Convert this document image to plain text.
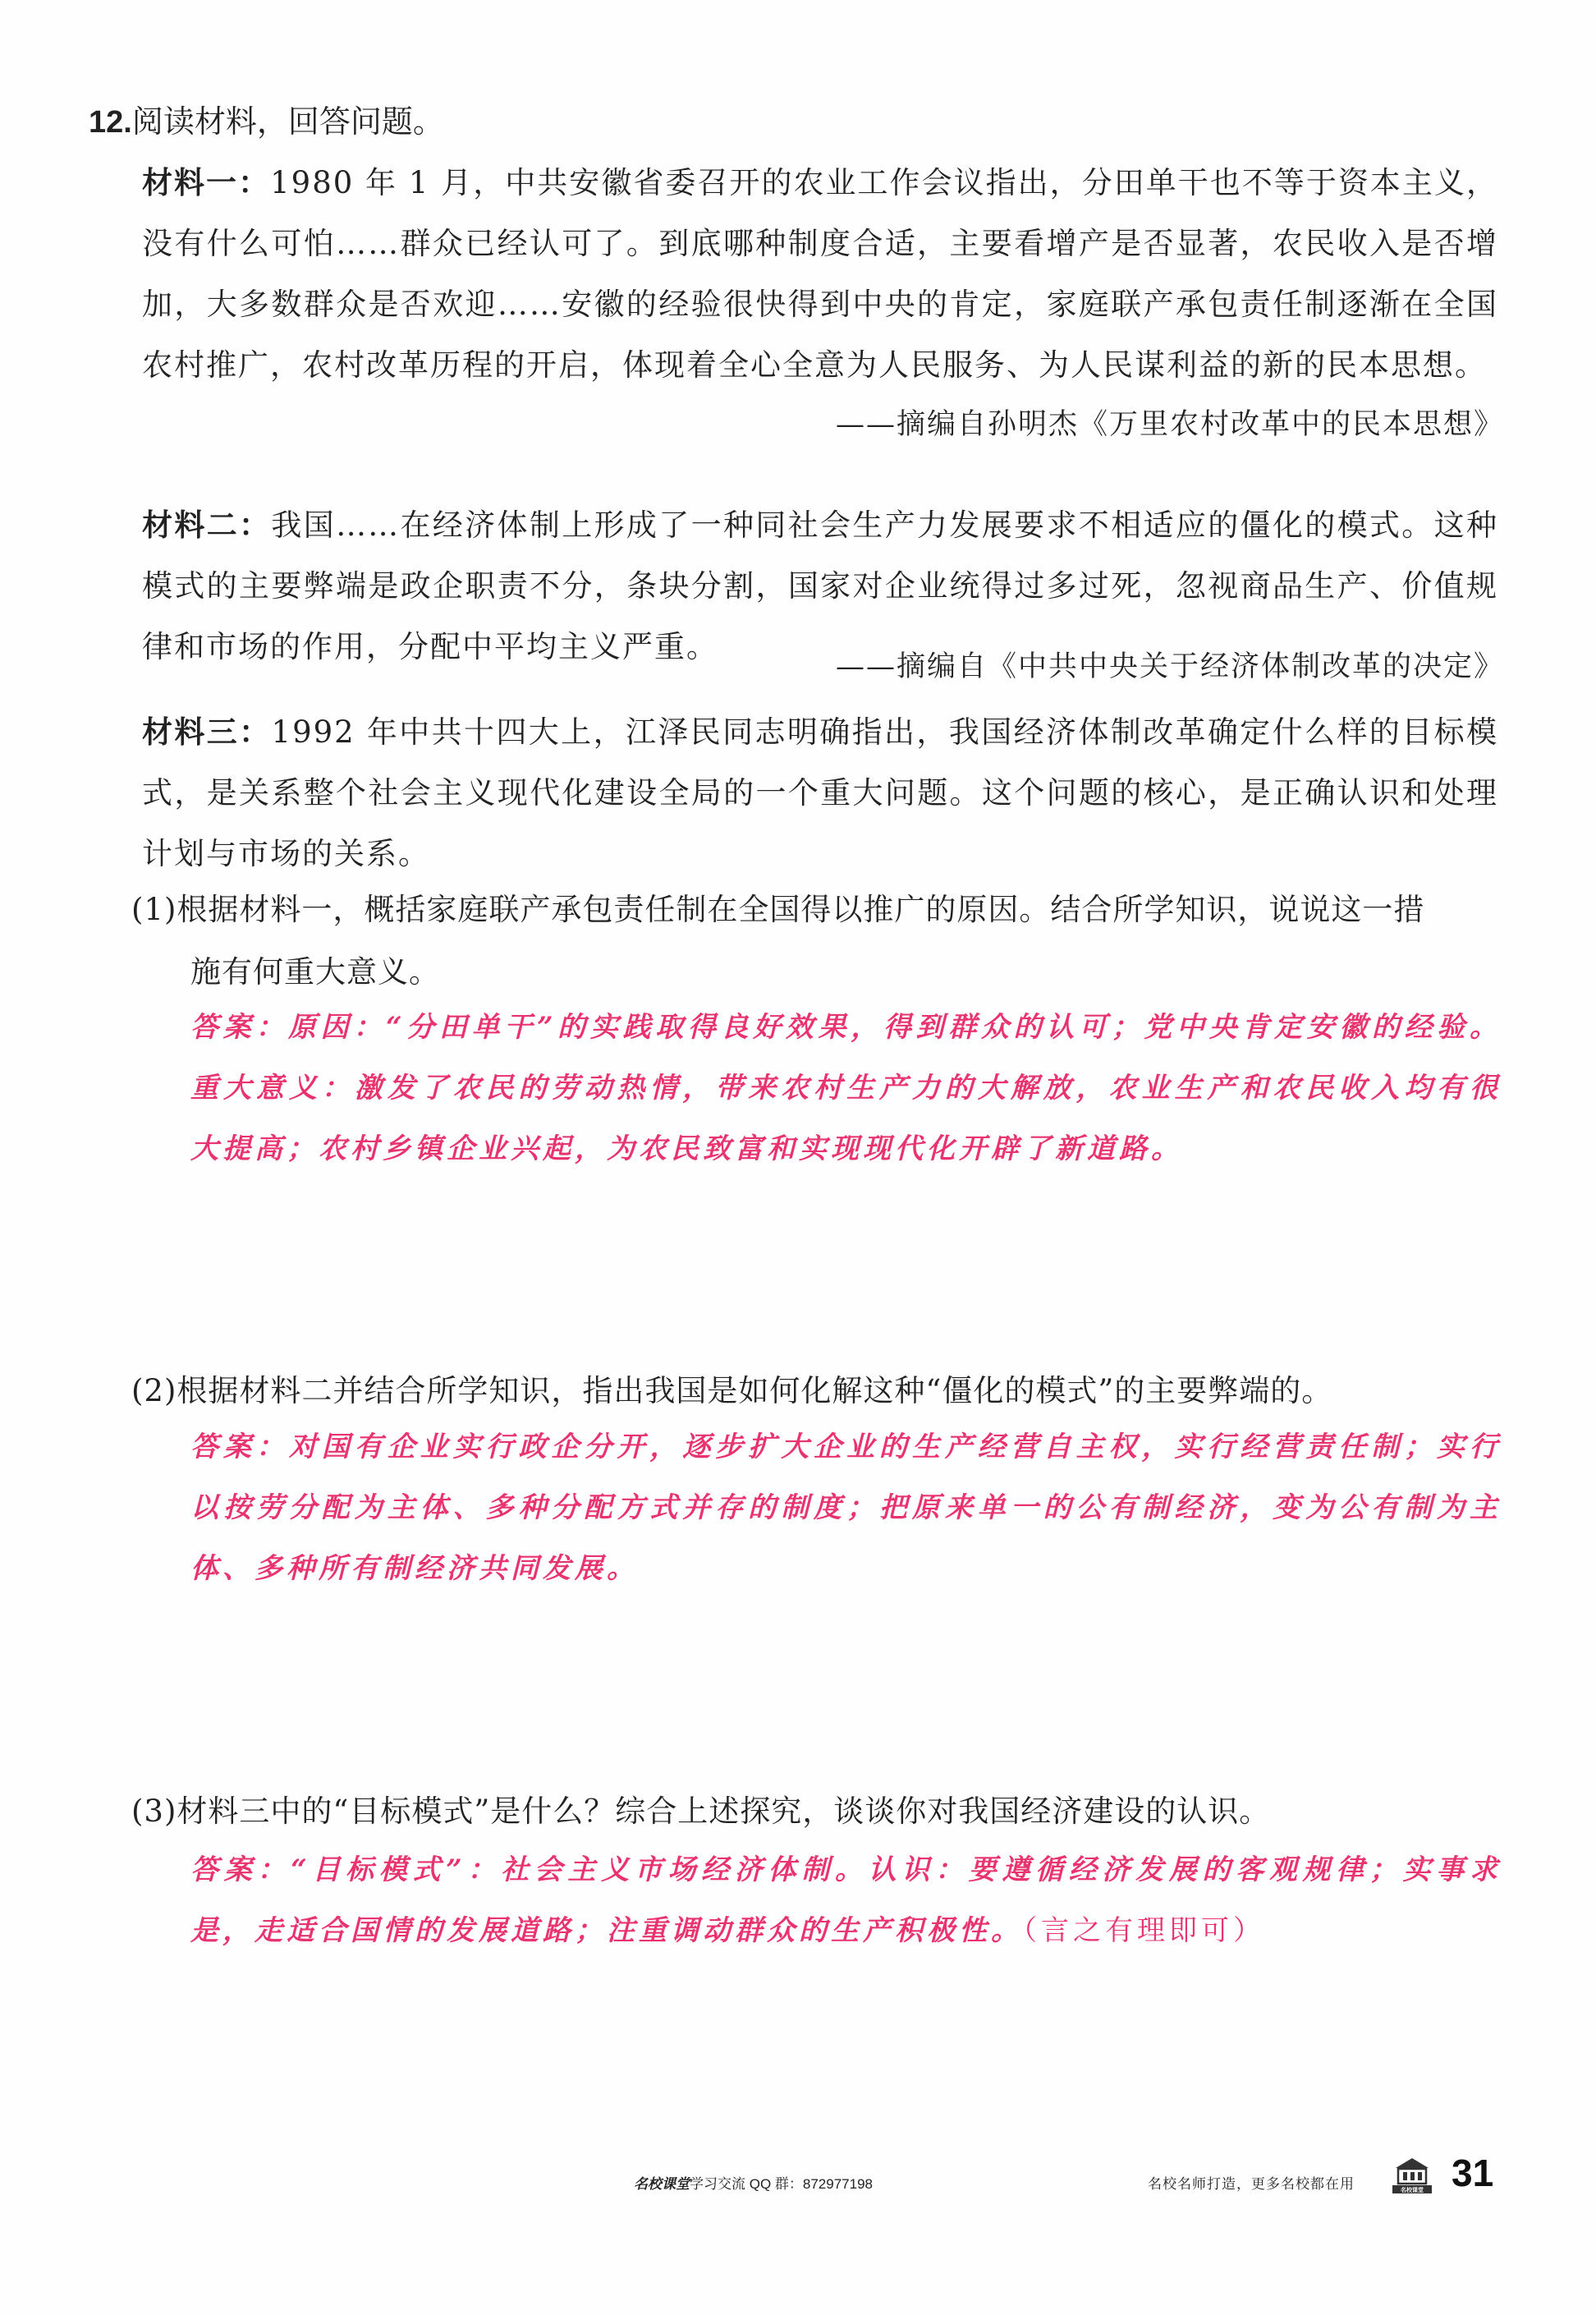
12.阅读材料，回答问题。
材料一：1980 年 1 月，中共安徽省委召开的农业工作会议指出，分田单干也不等于资本主义，没有什么可怕……群众已经认可了。到底哪种制度合适，主要看增产是否显著，农民收入是否增加，大多数群众是否欢迎……安徽的经验很快得到中央的肯定，家庭联产承包责任制逐渐在全国农村推广，农村改革历程的开启，体现着全心全意为人民服务、为人民谋利益的新的民本思想。
——摘编自孙明杰《万里农村改革中的民本思想》
材料二：我国……在经济体制上形成了一种同社会生产力发展要求不相适应的僵化的模式。这种模式的主要弊端是政企职责不分，条块分割，国家对企业统得过多过死，忽视商品生产、价值规律和市场的作用，分配中平均主义严重。
——摘编自《中共中央关于经济体制改革的决定》
材料三：1992 年中共十四大上，江泽民同志明确指出，我国经济体制改革确定什么样的目标模式，是关系整个社会主义现代化建设全局的一个重大问题。这个问题的核心，是正确认识和处理计划与市场的关系。
(1)根据材料一，概括家庭联产承包责任制在全国得以推广的原因。结合所学知识，说说这一措
施有何重大意义。
答案：原因：“分田单干”的实践取得良好效果，得到群众的认可；党中央肯定安徽的经验。重大意义：激发了农民的劳动热情，带来农村生产力的大解放，农业生产和农民收入均有很大提高；农村乡镇企业兴起，为农民致富和实现现代化开辟了新道路。
(2)根据材料二并结合所学知识，指出我国是如何化解这种“僵化的模式”的主要弊端的。
答案：对国有企业实行政企分开，逐步扩大企业的生产经营自主权，实行经营责任制；实行以按劳分配为主体、多种分配方式并存的制度；把原来单一的公有制经济，变为公有制为主体、多种所有制经济共同发展。
(3)材料三中的“目标模式”是什么？综合上述探究，谈谈你对我国经济建设的认识。
答案：“目标模式”：社会主义市场经济体制。认识：要遵循经济发展的客观规律；实事求是，走适合国情的发展道路；注重调动群众的生产积极性。（言之有理即可）
名校课堂学习交流 QQ 群：872977198	名校名师打造，更多名校都在用	名校课堂 31
